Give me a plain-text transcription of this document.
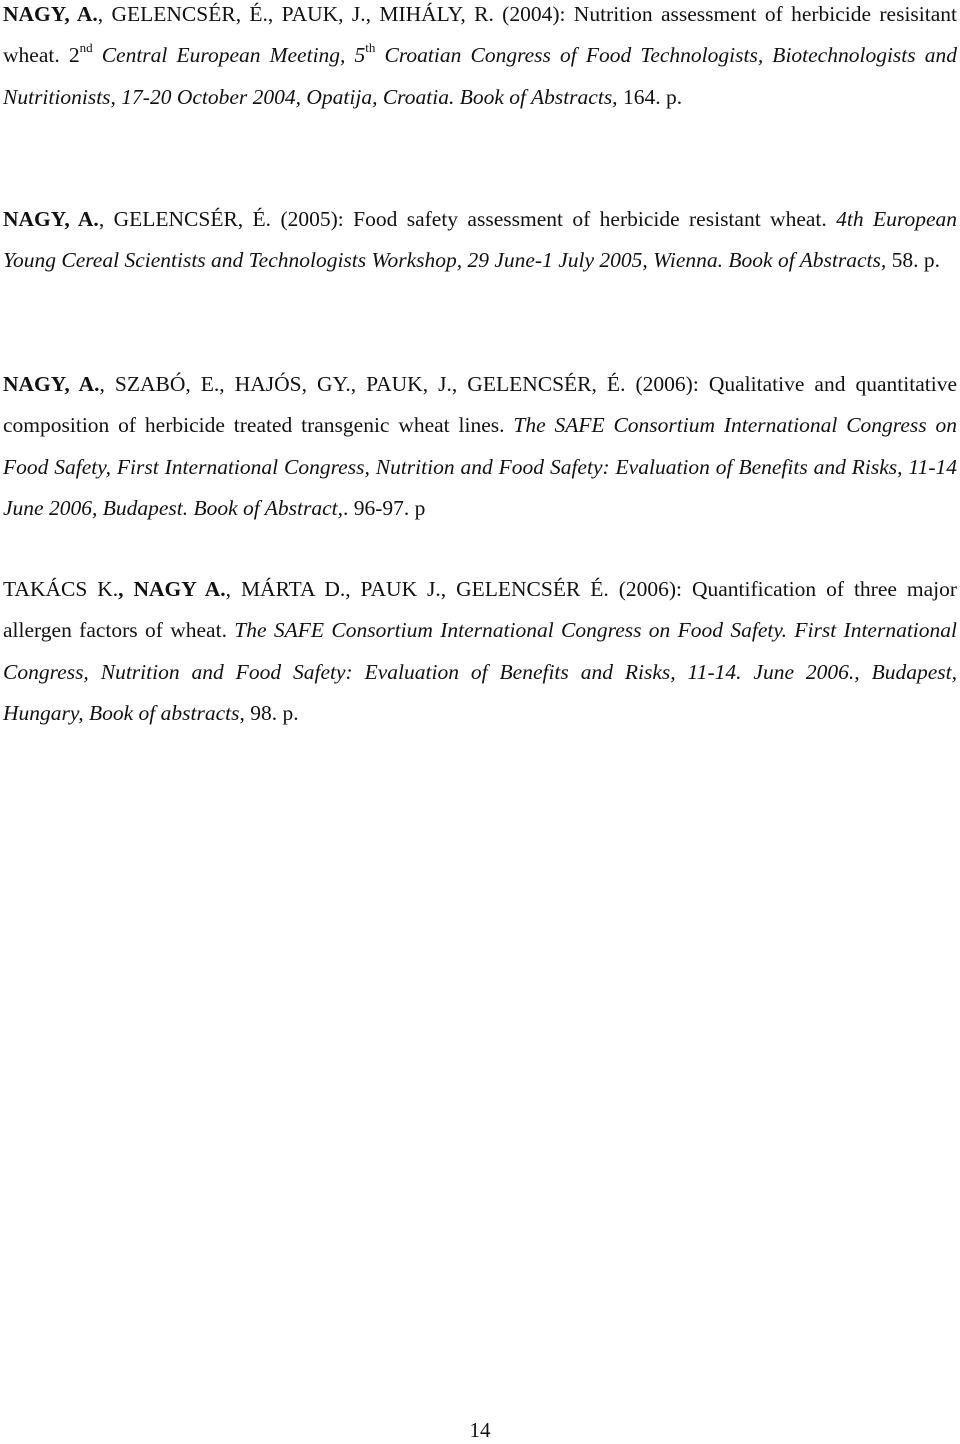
NAGY, A., GELENCSÉR, É., PAUK, J., MIHÁLY, R. (2004): Nutrition assessment of herbicide resisitant wheat. 2nd Central European Meeting, 5th Croatian Congress of Food Technologists, Biotechnologists and Nutritionists, 17-20 October 2004, Opatija, Croatia. Book of Abstracts, 164. p.

NAGY, A., GELENCSÉR, É. (2005): Food safety assessment of herbicide resistant wheat. 4th European Young Cereal Scientists and Technologists Workshop, 29 June-1 July 2005, Wienna. Book of Abstracts, 58. p.

NAGY, A., SZABÓ, E., HAJÓS, GY., PAUK, J., GELENCSÉR, É. (2006): Qualitative and quantitative composition of herbicide treated transgenic wheat lines. The SAFE Consortium International Congress on Food Safety, First International Congress, Nutrition and Food Safety: Evaluation of Benefits and Risks, 11-14 June 2006, Budapest. Book of Abstract,. 96-97. p

TAKÁCS K., NAGY A., MÁRTA D., PAUK J., GELENCSÉR É. (2006): Quantification of three major allergen factors of wheat. The SAFE Consortium International Congress on Food Safety. First International Congress, Nutrition and Food Safety: Evaluation of Benefits and Risks, 11-14. June 2006., Budapest, Hungary, Book of abstracts, 98. p.

14
